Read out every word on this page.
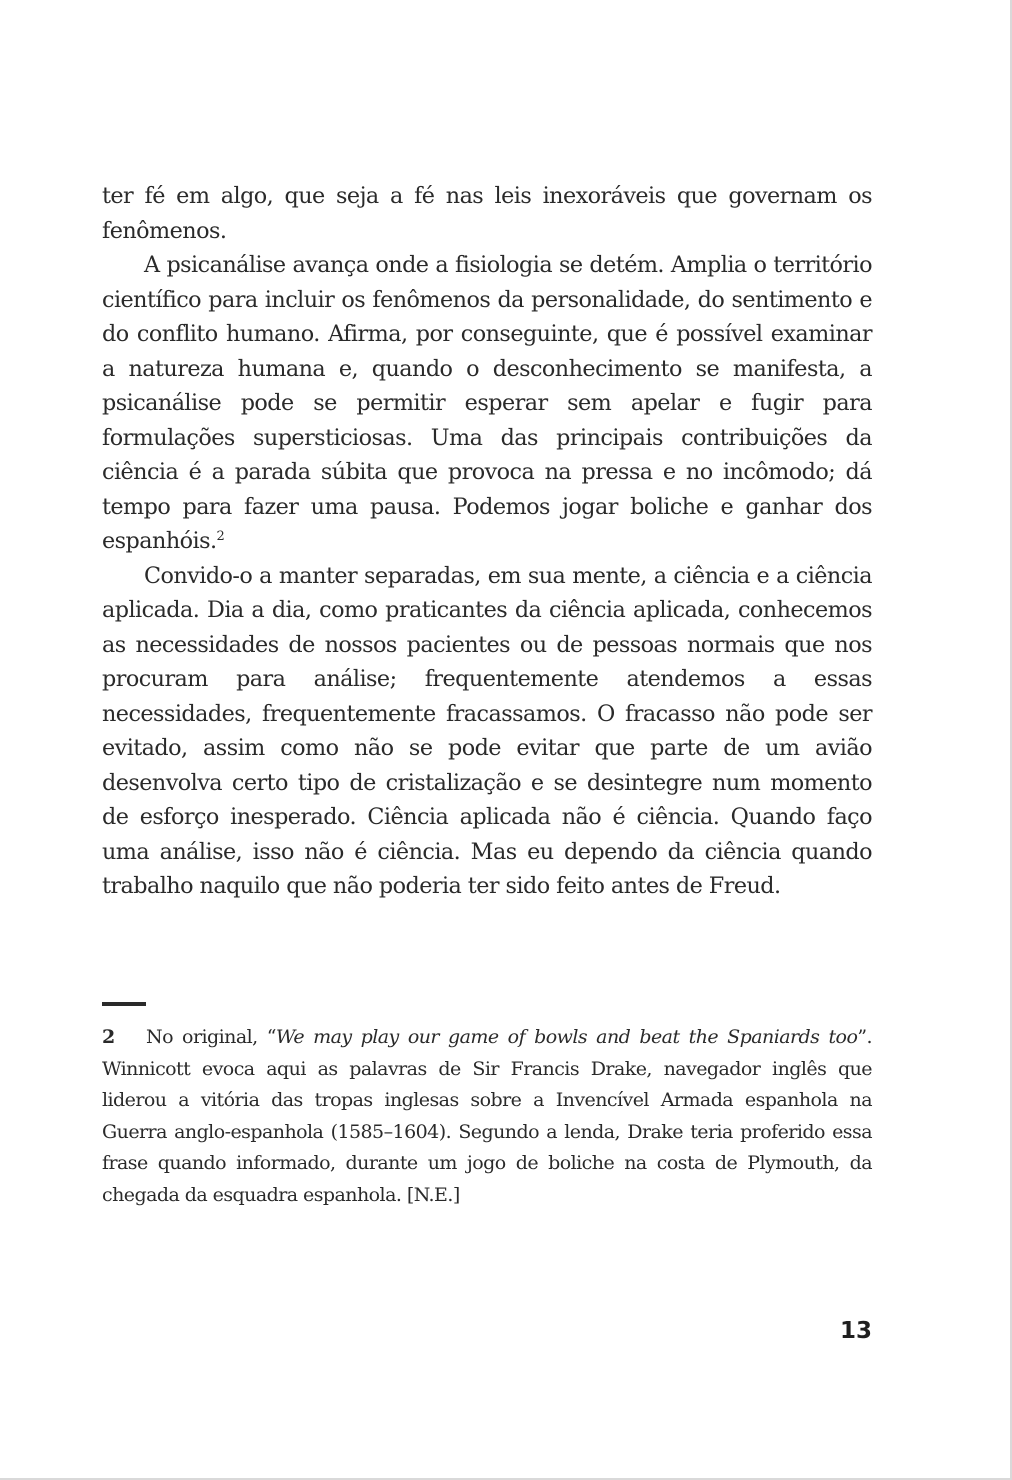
ter fé em algo, que seja a fé nas leis inexoráveis que governam os fenômenos.

A psicanálise avança onde a fisiologia se detém. Amplia o território científico para incluir os fenômenos da personalidade, do sentimento e do conflito humano. Afirma, por conseguinte, que é possível examinar a natureza humana e, quando o desconhecimento se manifesta, a psicanálise pode se permitir esperar sem apelar e fugir para formulações supersticiosas. Uma das principais contribuições da ciência é a parada súbita que provoca na pressa e no incômodo; dá tempo para fazer uma pausa. Podemos jogar boliche e ganhar dos espanhóis.$^2$

Convido-o a manter separadas, em sua mente, a ciência e a ciência aplicada. Dia a dia, como praticantes da ciência aplicada, conhecemos as necessidades de nossos pacientes ou de pessoas normais que nos procuram para análise; frequentemente atendemos a essas necessidades, frequentemente fracassamos. O fracasso não pode ser evitado, assim como não se pode evitar que parte de um avião desenvolva certo tipo de cristalização e se desintegre num momento de esforço inesperado. Ciência aplicada não é ciência. Quando faço uma análise, isso não é ciência. Mas eu dependo da ciência quando trabalho naquilo que não poderia ter sido feito antes de Freud.

2 No original, “We may play our game of bowls and beat the Spaniards too”. Winnicott evoca aqui as palavras de Sir Francis Drake, navegador inglês que liderou a vitória das tropas inglesas sobre a Invencível Armada espanhola na Guerra anglo-espanhola (1585–1604). Segundo a lenda, Drake teria proferido essa frase quando informado, durante um jogo de boliche na costa de Plymouth, da chegada da esquadra espanhola. [N.E.]

13
